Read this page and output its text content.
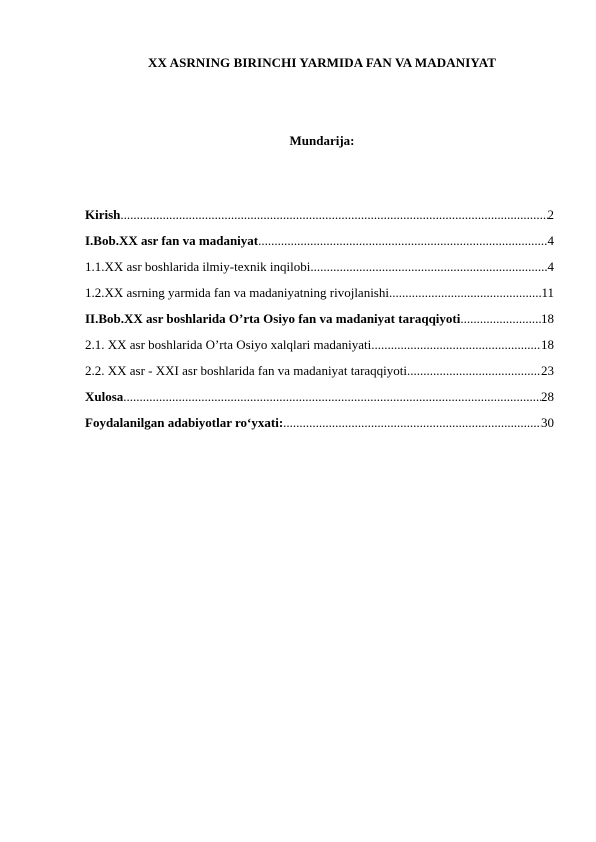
XX ASRNING BIRINCHI YARMIDA FAN VA MADANIYAT
Mundarija:
Kirish .....	2
I.Bob.XX asr fan va madaniyat .....	4
1.1.XX asr boshlarida ilmiy-texnik inqilobi .....	4
1.2.XX asrning yarmida fan va madaniyatning rivojlanishi .....	11
II.Bob.XX asr boshlarida O’rta Osiyo fan va madaniyat taraqqiyoti .....	18
2.1. XX asr boshlarida O’rta Osiyo xalqlari madaniyati .....	18
2.2. XX asr - XXI asr boshlarida fan va madaniyat taraqqiyoti .....	23
Xulosa .....	28
Foydalanilgan adabiyotlar ro‘yxati: .....	30
